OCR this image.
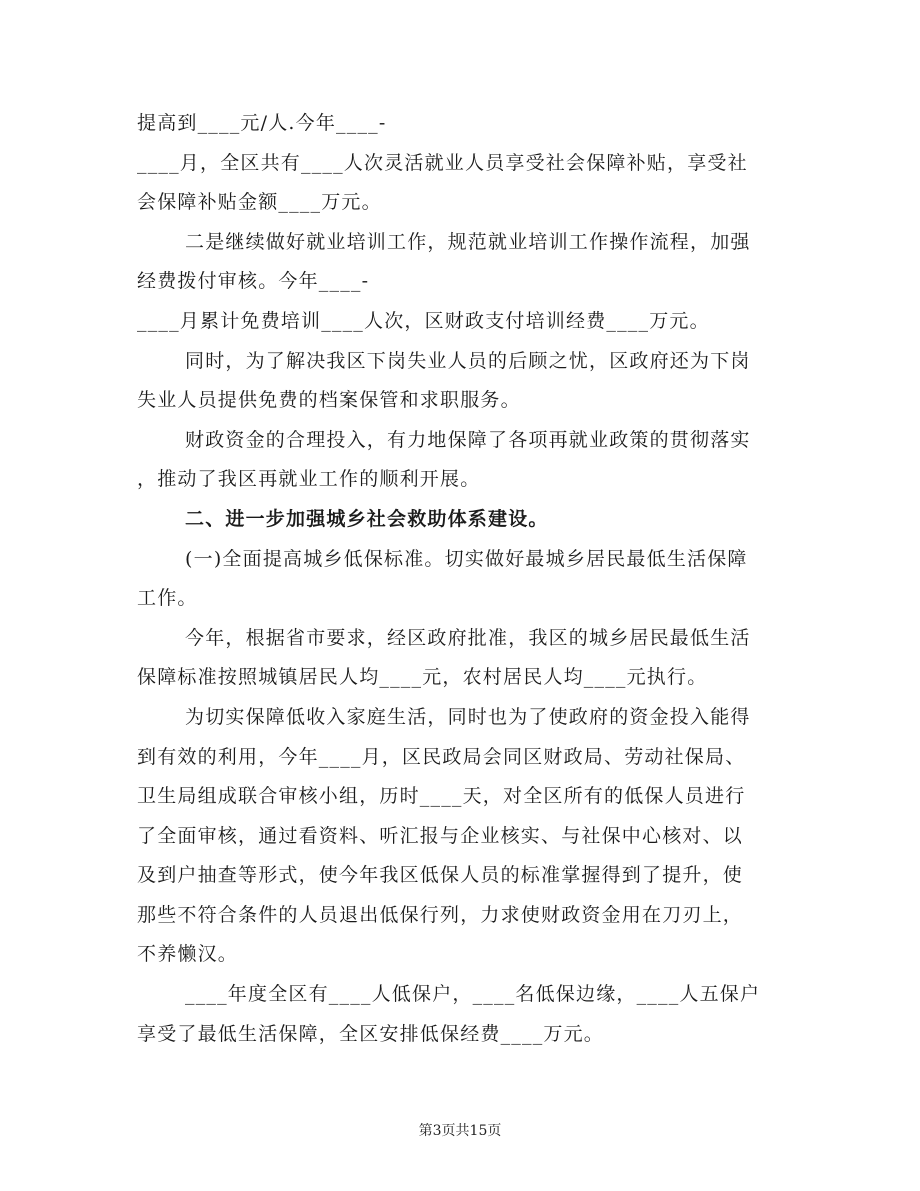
提高到____元/人.今年____-
____月，全区共有____人次灵活就业人员享受社会保障补贴，享受社
会保障补贴金额____万元。
二是继续做好就业培训工作，规范就业培训工作操作流程，加强
经费拨付审核。今年____-
____月累计免费培训____人次，区财政支付培训经费____万元。
同时，为了解决我区下岗失业人员的后顾之忧，区政府还为下岗
失业人员提供免费的档案保管和求职服务。
财政资金的合理投入，有力地保障了各项再就业政策的贯彻落实
，推动了我区再就业工作的顺利开展。
二、进一步加强城乡社会救助体系建设。
(一)全面提高城乡低保标准。切实做好最城乡居民最低生活保障
工作。
今年，根据省市要求，经区政府批准，我区的城乡居民最低生活
保障标准按照城镇居民人均____元，农村居民人均____元执行。
为切实保障低收入家庭生活，同时也为了使政府的资金投入能得
到有效的利用，今年____月，区民政局会同区财政局、劳动社保局、
卫生局组成联合审核小组，历时____天，对全区所有的低保人员进行
了全面审核，通过看资料、听汇报与企业核实、与社保中心核对、以
及到户抽查等形式，使今年我区低保人员的标准掌握得到了提升，使
那些不符合条件的人员退出低保行列，力求使财政资金用在刀刃上，
不养懒汉。
____年度全区有____人低保户，____名低保边缘，____人五保户
享受了最低生活保障，全区安排低保经费____万元。
第3页共15页
